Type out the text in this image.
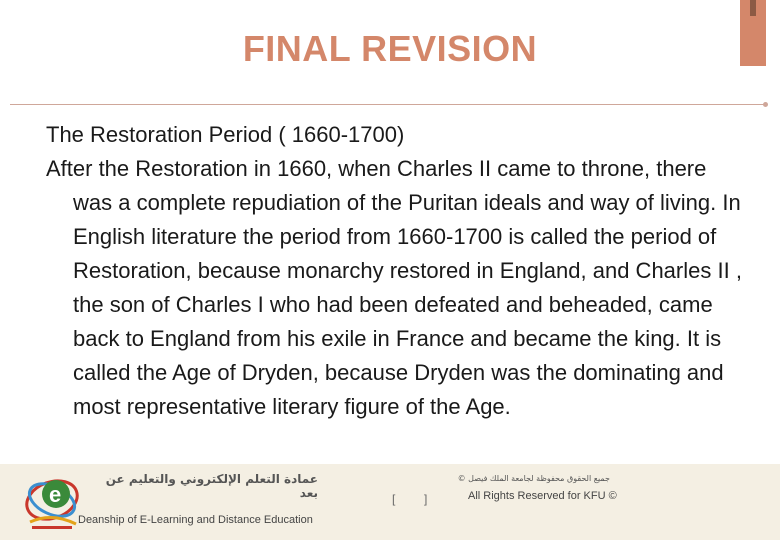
FINAL REVISION
The Restoration Period ( 1660-1700)
After the Restoration in 1660, when Charles II came to throne, there was a complete repudiation of the Puritan ideals and way of living. In English literature the period from 1660-1700 is called the period of Restoration, because monarchy restored in England, and Charles II , the son of Charles I who had been defeated and beheaded, came back to England from his exile in France and became the king. It is called the Age of Dryden, because Dryden was the dominating and most representative literary figure of the Age.
e
عمادة التعلم الإلكتروني والتعليم عن بعد
Deanship of E-Learning and Distance Education
[ ]
جميع الحقوق محفوظة لجامعة الملك فيصل ©
All Rights Reserved for KFU ©
